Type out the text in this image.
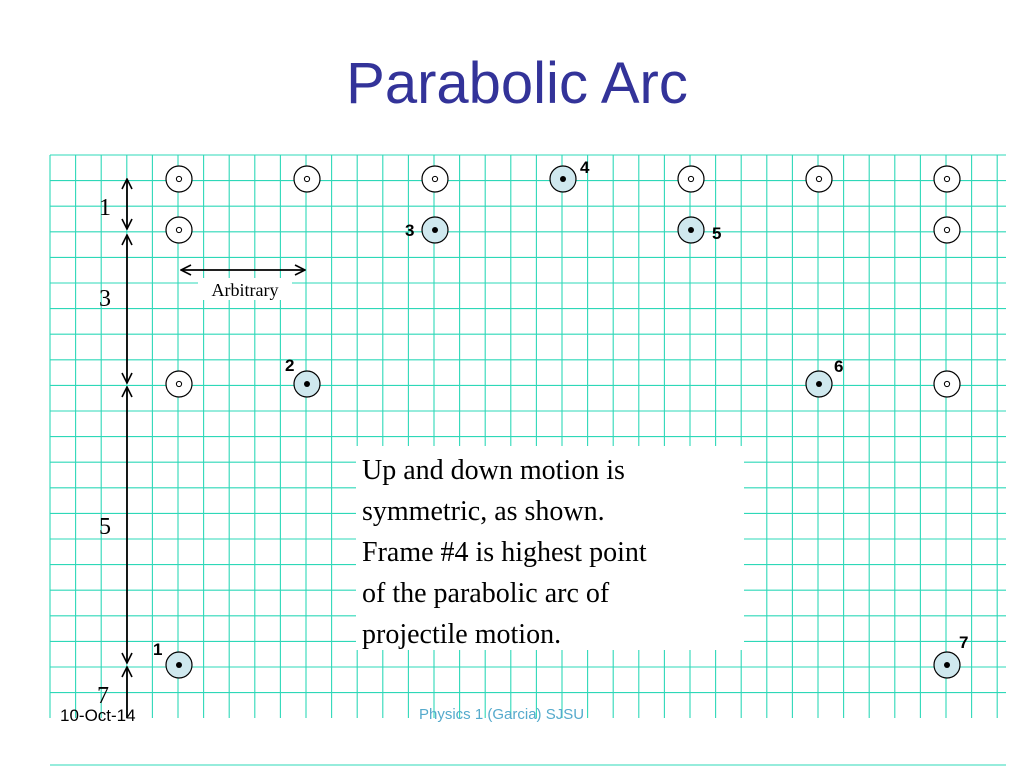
1
2
3
4
5
6
7
1
3
5
7
Arbitrary
Parabolic Arc
Up and down motion is
symmetric, as shown.
Frame #4 is highest point
of the parabolic arc of
projectile motion.
10-Oct-14	Physics 1 (Garcia) SJSU
